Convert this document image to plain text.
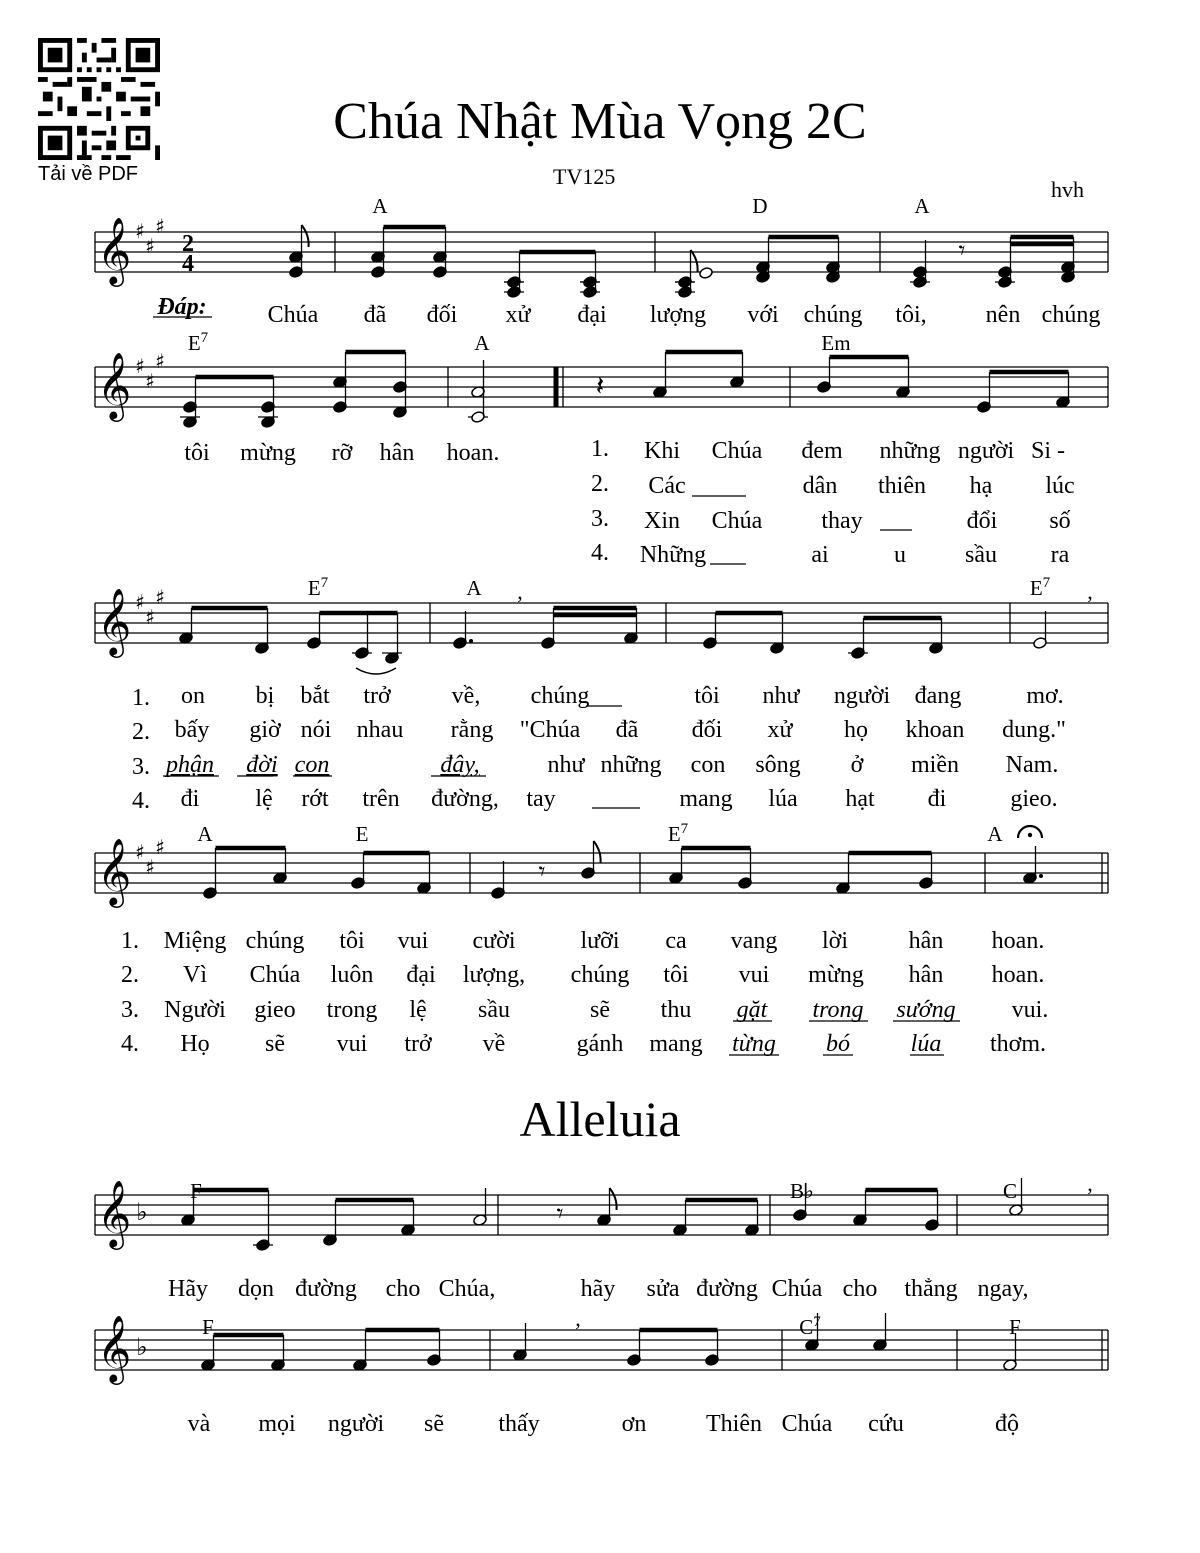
Chúa Nhật Mùa Vọng 2C
Tải về PDF	TV125
hvh
Alleluia
𝄞 ♯
♯
♯
𝄞 ♯
♯
♯
𝄞 ♯
♯
♯
𝄞 ♯
♯
♯
𝄞 ♭
𝄞 ♭
2
4	𝄾
𝄽
,	,
𝄾
𝄾
,
,
A	D	A
$E^7$	A	Em
$E^7$	A	$E^7$
A	E	$E^7$	A
F	B♭	C
F	$C^7$	F
Đáp:	Chúa đã đối xử đại lượng với chúng tôi, nên chúng
tôi mừng rỡ hân hoan.	1.
2.
3.
4.
Khi Chúa đem những người Si -
Các	dân thiên hạ lúc
Xin Chúa thay	đổi số
Những	ai	u sầu ra
1.
2.
3.
4.
on bị bắt trở	về, chúng	tôi như người đang	mơ.
bấy giờ nói nhau rằng "Chúa đã đối xử họ khoan dung."
phận đời con	đây,	như những con sông ở miền Nam.
đi lệ rớt trên đường, tay	mang lúa hạt đi	gieo.
1.
2.
3.
4.
Miệng chúng tôi vui cười	lưỡi ca vang lời	hân hoan.
Vì Chúa luôn đại lượng, chúng tôi vui mừng hân hoan.
Người gieo trong lệ sầu	sẽ thu gặt trong sướng vui.
Họ sẽ vui trở về	gánh mang từng bó	lúa thơm.
Hãy dọn đường cho Chúa,	hãy sửa đường Chúa cho thẳng ngay,
và mọi người sẽ thấy	ơn Thiên Chúa cứu	độ
